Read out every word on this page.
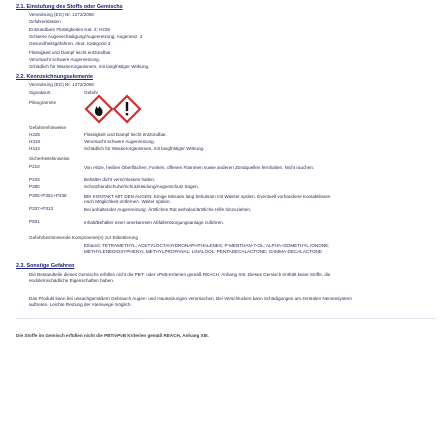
2.1. Einstufung des Stoffs oder Gemischs
Verordnung (EG) Nr. 1272/2008
Gefahrenklassen
Entzündbare Flüssigkeiten Kat. 2; H225
Schwere Augenschädigung/Augenreizung; Augenreiz. 2
Gesundheitsgefahren: Akut. Kategorie 3
Flüssigkeit und Dampf leicht entzündbar.
Verursacht schwere Augenreizung.
Schädlich für Wasserorganismen, mit langfristiger Wirkung.
2.2. Kennzeichnungselemente
Verordnung (EG) Nr. 1272/2008
Signalwort	Gefahr
Piktogramme
Gefahrenhinweise
H225	Flüssigkeit und Dampf leicht entzündbar.
H319	Verursacht schwere Augenreizung.
H412	Schädlich für Wasserorganismen, mit langfristiger Wirkung.
Sicherheitshinweise
P210	Von Hitze, heißen Oberflächen, Funken, offenen Flammen sowie anderen Zündquellen fernhalten. Nicht rauchen.
P233	Behälter dicht verschlossen halten.
P280	Schutzhandschuhe/Schutzkleidung/Augenschutz tragen.
P305+P351+P338	BEI KONTAKT MIT DEN AUGEN: Einige Minuten lang behutsam mit Wasser spülen. Eventuell vorhandene Kontaktlinsen nach Möglichkeit entfernen. Weiter spülen.
P337+P313	Bei anhaltender Augenreizung: Ärztlichen Rat einholen/ärztliche Hilfe hinzuziehen.
P501	Inhalt/Behälter einer anerkannten Abfallentsorgungsanlage zuführen.
Gefahrbestimmende Komponente(n) zur Etikettierung
Ethanol; TETRAMETHYL; ACETYLOCTAHYDRONAPHTHALENES; P-MENTHAN-7-OL; ALPHA-ISOMETHYL IONONE; METHYLENEDIOXYPHENYL METHYLPROPANAL; LINALOOL; PENTADECALACTONE; GAMMA-DECALACTONE
2.3. Sonstige Gefahren
Die Bestandteile dieses Gemischs erfüllen nicht die PBT- oder vPvB-Kriterien gemäß REACH, Anhang XIII. Dieses Gemisch enthält keine Stoffe, die endokrinschädliche Eigenschaften haben.
Das Produkt kann bei unsachgemäßem Gebrauch Augen- und Hautreizungen verursachen. Bei Verschlucken kann Schädigungen am zentralen Nervensystem auftreten. Leichte Reizung der Atemwege möglich.
Die Stoffe im Gemisch erfüllen nicht die PBT/vPvB Kriterien gemäß REACH, Anhang XIII.
